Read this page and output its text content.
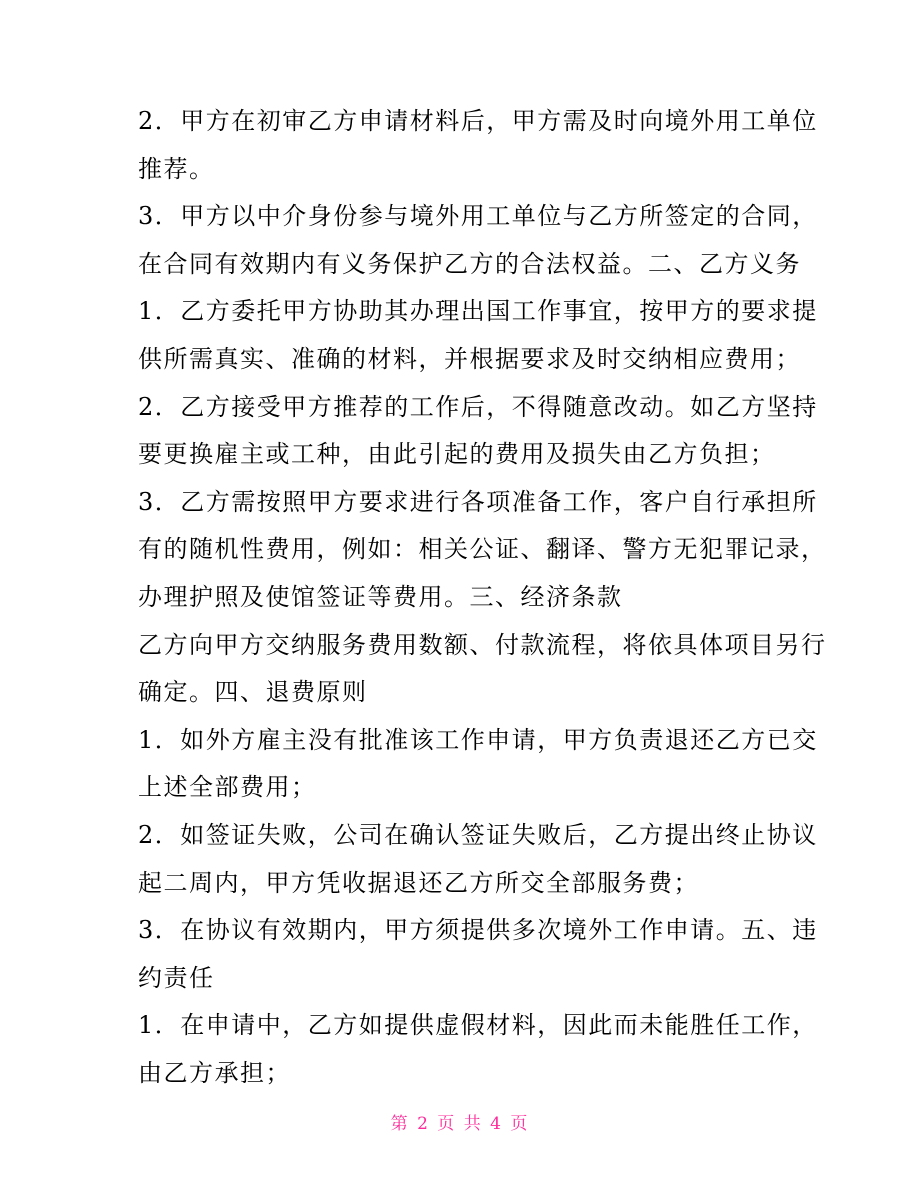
2．甲方在初审乙方申请材料后，甲方需及时向境外用工单位
推荐。
3．甲方以中介身份参与境外用工单位与乙方所签定的合同，
在合同有效期内有义务保护乙方的合法权益。二、乙方义务
1．乙方委托甲方协助其办理出国工作事宜，按甲方的要求提
供所需真实、准确的材料，并根据要求及时交纳相应费用；
2．乙方接受甲方推荐的工作后，不得随意改动。如乙方坚持
要更换雇主或工种，由此引起的费用及损失由乙方负担；
3．乙方需按照甲方要求进行各项准备工作，客户自行承担所
有的随机性费用，例如：相关公证、翻译、警方无犯罪记录，
办理护照及使馆签证等费用。三、经济条款
乙方向甲方交纳服务费用数额、付款流程，将依具体项目另行
确定。四、退费原则
1．如外方雇主没有批准该工作申请，甲方负责退还乙方已交
上述全部费用；
2．如签证失败，公司在确认签证失败后，乙方提出终止协议
起二周内，甲方凭收据退还乙方所交全部服务费；
3．在协议有效期内，甲方须提供多次境外工作申请。五、违
约责任
1．在申请中，乙方如提供虚假材料，因此而未能胜任工作，
由乙方承担；
第 2 页 共 4 页
